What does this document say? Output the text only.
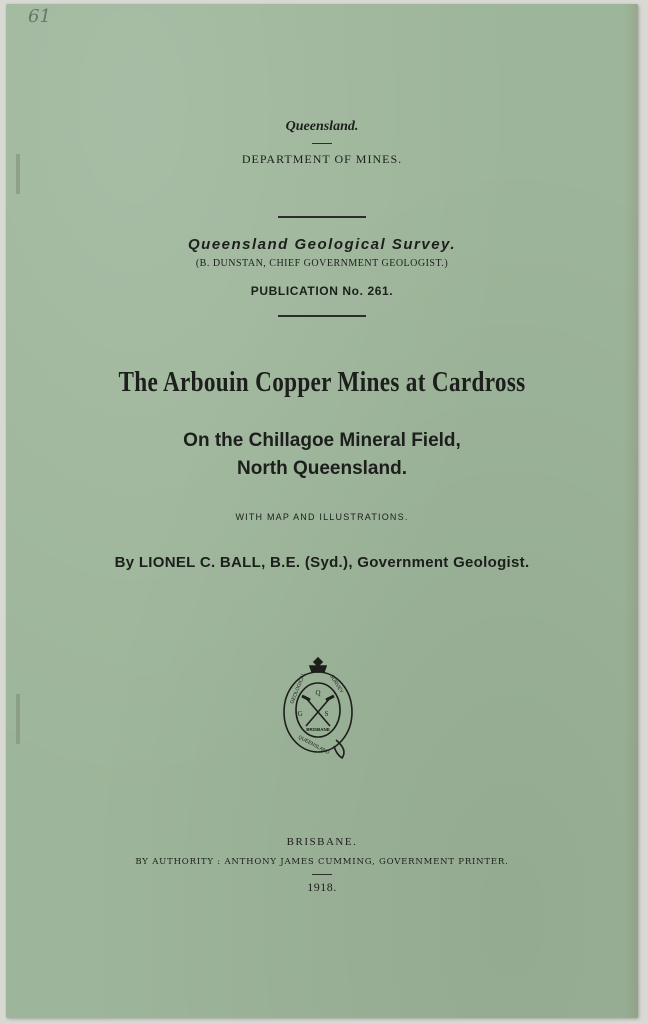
61
Queensland.
DEPARTMENT OF MINES.
Queensland Geological Survey.
(B. DUNSTAN, CHIEF GOVERNMENT GEOLOGIST.)
PUBLICATION No. 261.
The Arbouin Copper Mines at Cardross
On the Chillagoe Mineral Field,
North Queensland.
WITH MAP AND ILLUSTRATIONS.
By LIONEL C. BALL, B.E. (Syd.), Government Geologist.
Q
G S
BRISBANE
GEOLOGICAL	SURVEY
QUEENSLAND
BRISBANE.
BY AUTHORITY : ANTHONY JAMES CUMMING, GOVERNMENT PRINTER.
1918.
